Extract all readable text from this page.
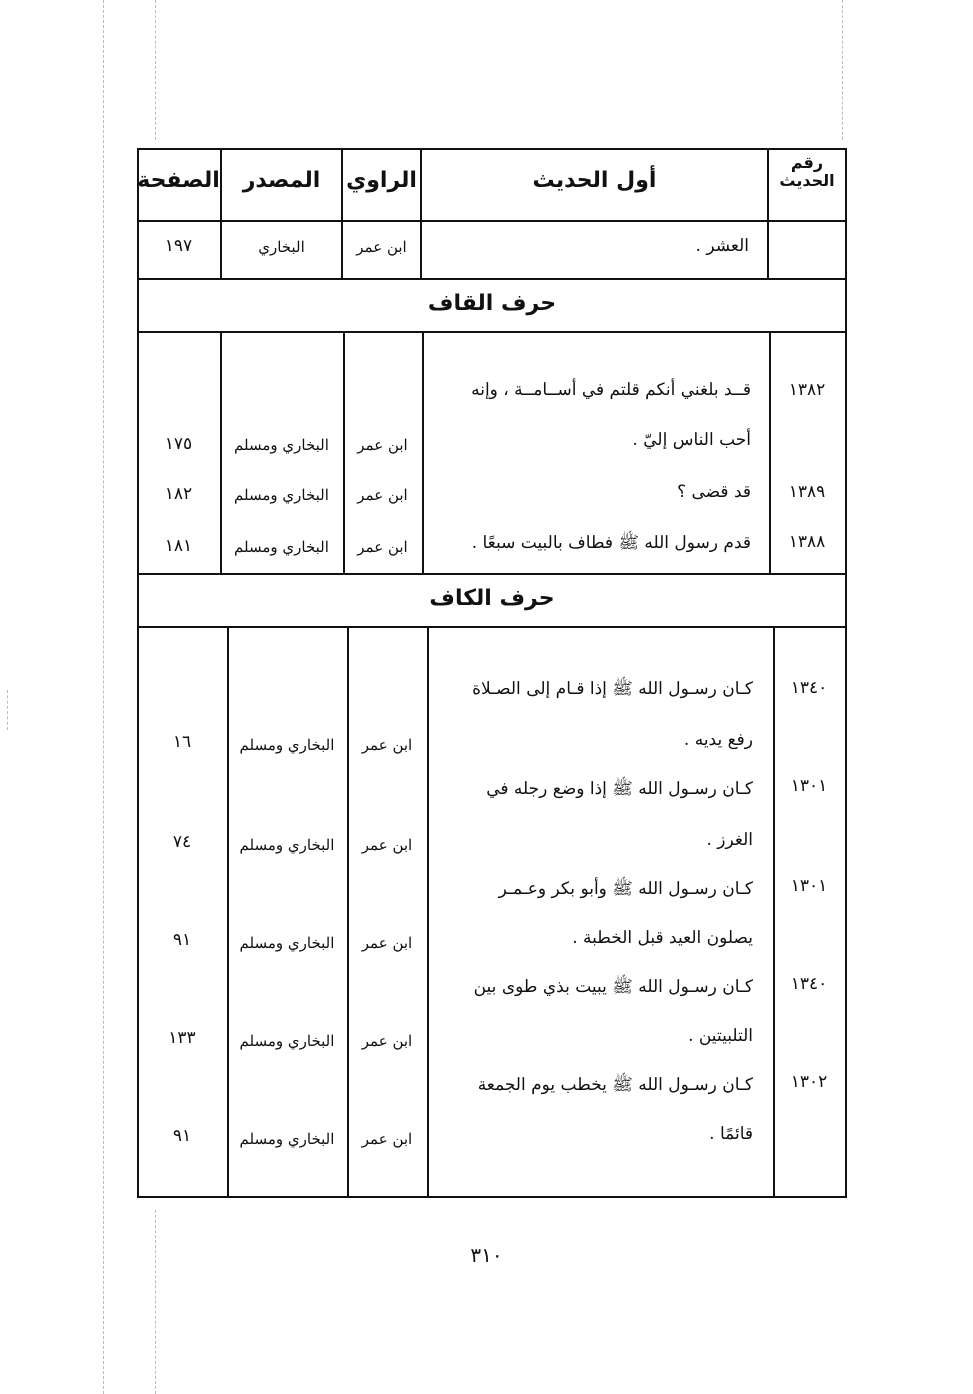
رقم الحديث
أول الحديث
الراوي
المصدر
الصفحة
العشر .
ابن عمر
البخاري
١٩٧
حرف القاف
١٣٨٢
قــد بلغني أنكم قلتم في أســامــة ، وإنه
أحب الناس إليّ .
ابن عمر
البخاري ومسلم
١٧٥
١٣٨٩
قد قضى ؟
ابن عمر
البخاري ومسلم
١٨٢
١٣٨٨
قدم رسول الله ﷺ فطاف بالبيت سبعًا .
ابن عمر
البخاري ومسلم
١٨١
حرف الكاف
١٣٤٠
كـان رسـول الله ﷺ إذا قـام إلى الصـلاة
رفع يديه .
ابن عمر
البخاري ومسلم
١٦
١٣٠١
كـان رسـول الله ﷺ إذا وضع رجله في
الغرز .
ابن عمر
البخاري ومسلم
٧٤
١٣٠١
كـان رسـول الله ﷺ وأبو بكر وعـمـر
يصلون العيد قبل الخطبة .
ابن عمر
البخاري ومسلم
٩١
١٣٤٠
كـان رسـول الله ﷺ يبيت بذي طوى بين
التلبيتين .
ابن عمر
البخاري ومسلم
١٣٣
١٣٠٢
كـان رسـول الله ﷺ يخطب يوم الجمعة
قائمًا .
ابن عمر
البخاري ومسلم
٩١
٣١٠
